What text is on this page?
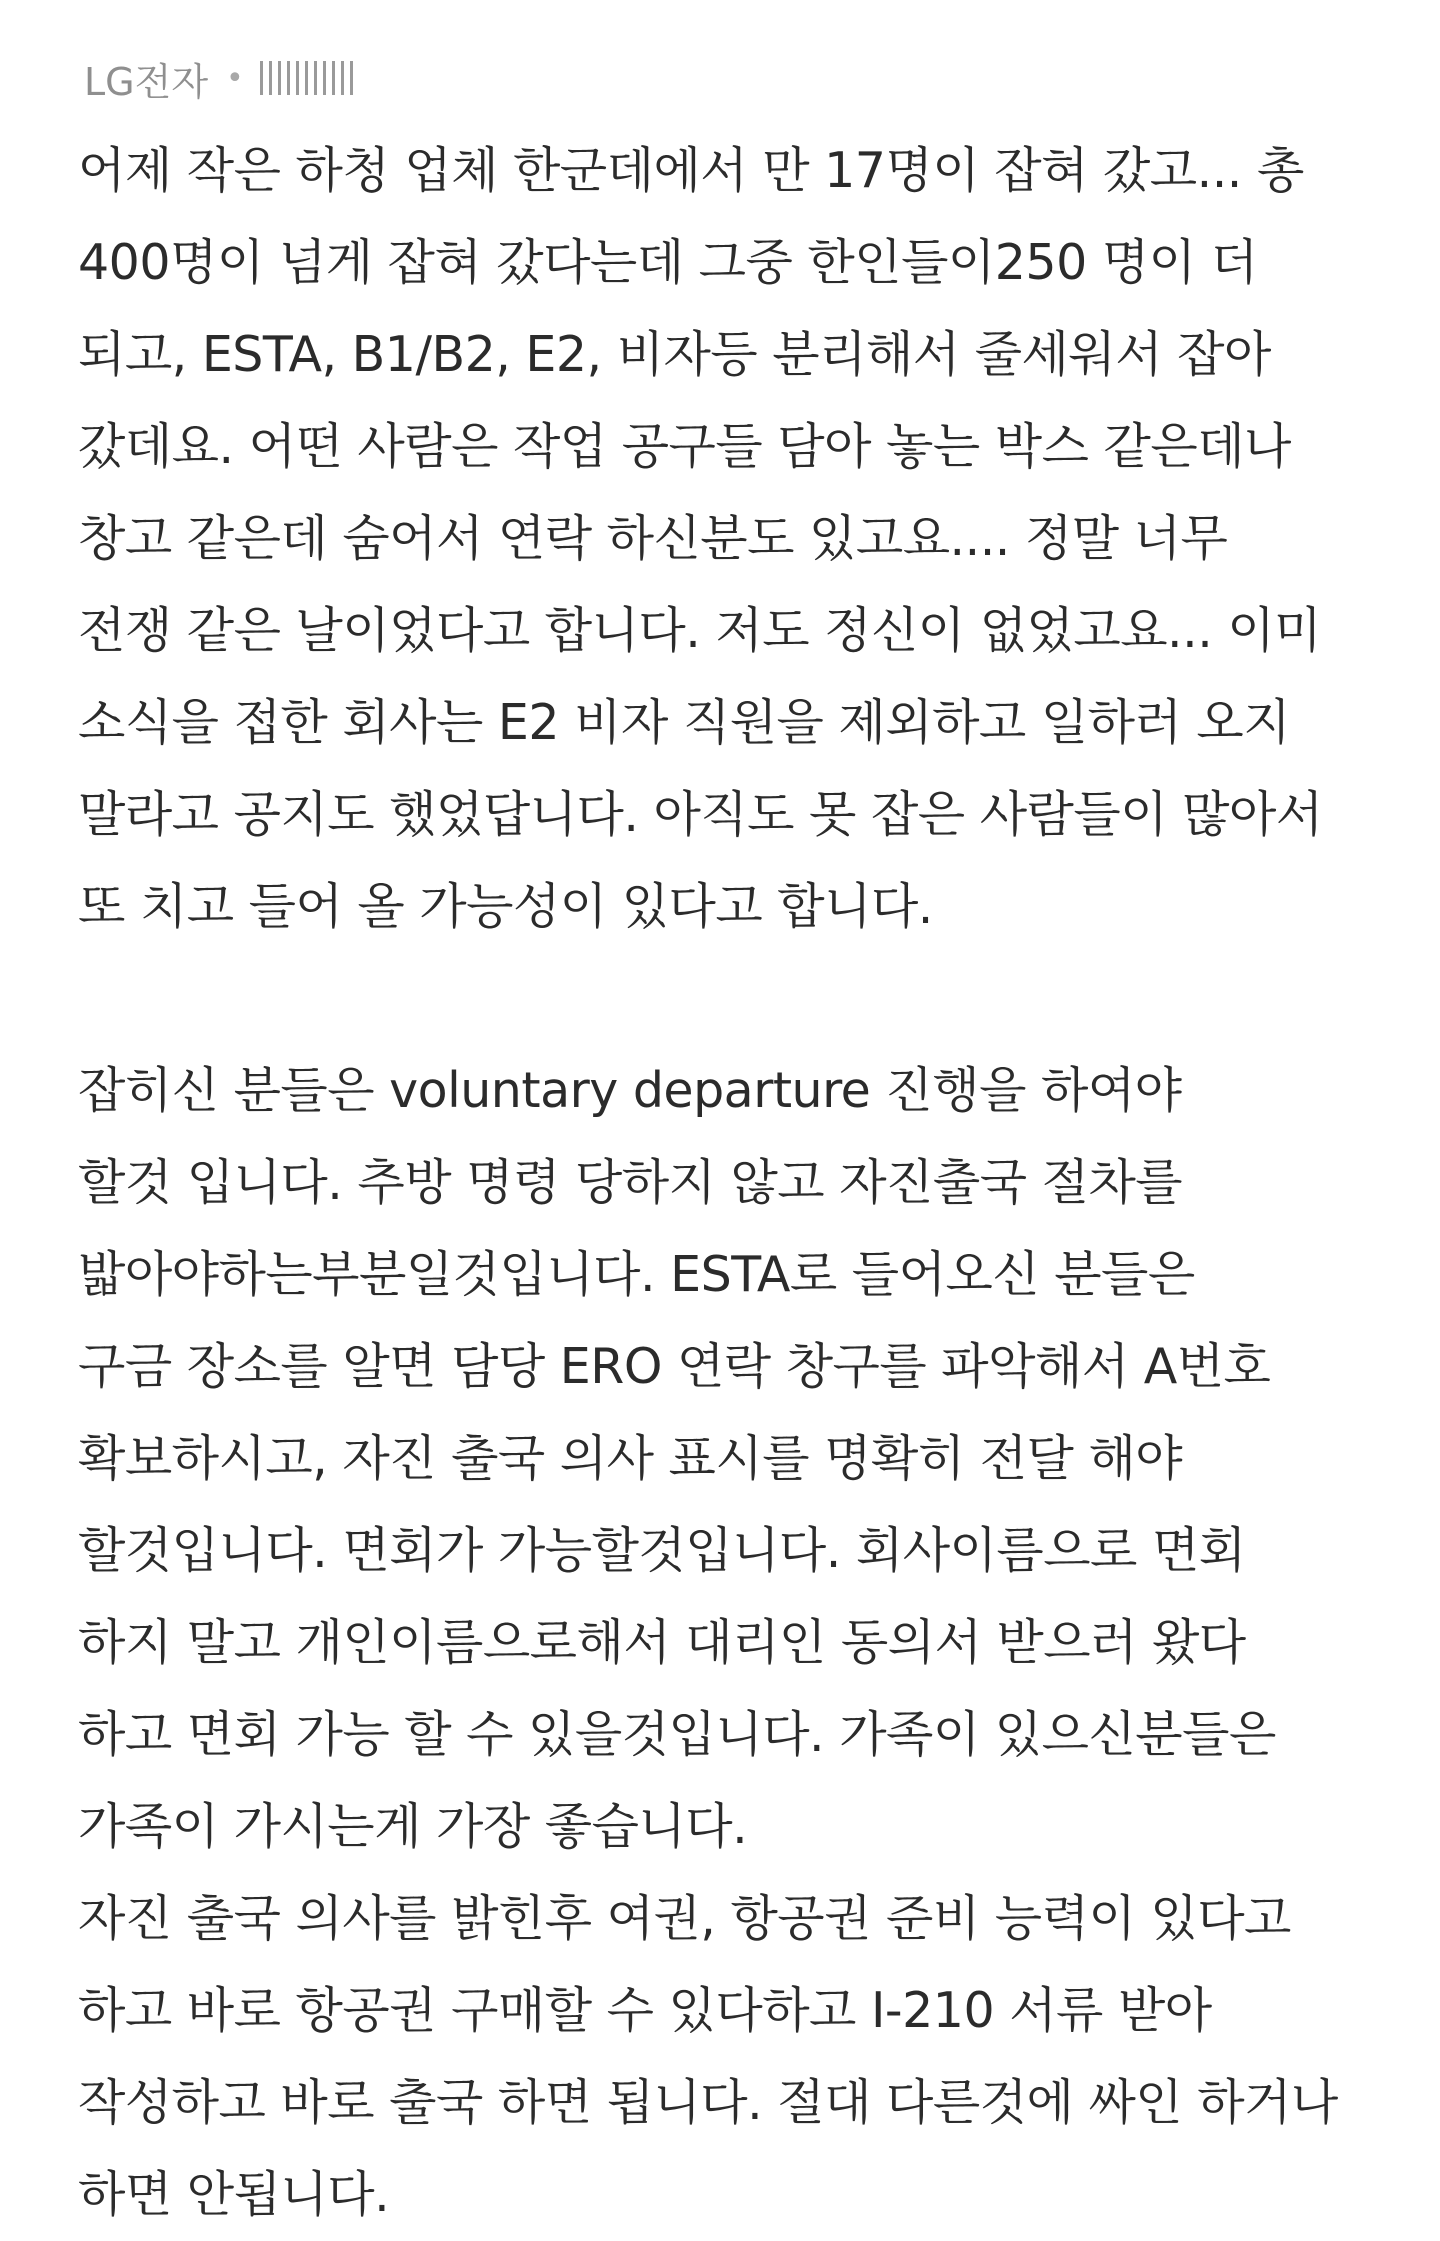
LG전자 •
어제 작은 하청 업체 한군데에서 만 17명이 잡혀 갔고... 총
400명이 넘게 잡혀 갔다는데 그중 한인들이250 명이 더
되고, ESTA, B1/B2, E2, 비자등 분리해서 줄세워서 잡아
갔데요. 어떤 사람은 작업 공구들 담아 놓는 박스 같은데나
창고 같은데 숨어서 연락 하신분도 있고요.... 정말 너무
전쟁 같은 날이었다고 합니다. 저도 정신이 없었고요... 이미
소식을 접한 회사는 E2 비자 직원을 제외하고 일하러 오지
말라고 공지도 했었답니다. 아직도 못 잡은 사람들이 많아서
또 치고 들어 올 가능성이 있다고 합니다.
잡히신 분들은 voluntary departure 진행을 하여야
할것 입니다. 추방 명령 당하지 않고 자진출국 절차를
밟아야하는부분일것입니다. ESTA로 들어오신 분들은
구금 장소를 알면 담당 ERO 연락 창구를 파악해서 A번호
확보하시고, 자진 출국 의사 표시를 명확히 전달 해야
할것입니다. 면회가 가능할것입니다. 회사이름으로 면회
하지 말고 개인이름으로해서 대리인 동의서 받으러 왔다
하고 면회 가능 할 수 있을것입니다. 가족이 있으신분들은
가족이 가시는게 가장 좋습니다.
자진 출국 의사를 밝힌후 여권, 항공권 준비 능력이 있다고
하고 바로 항공권 구매할 수 있다하고 I-210 서류 받아
작성하고 바로 출국 하면 됩니다. 절대 다른것에 싸인 하거나
하면 안됩니다.
